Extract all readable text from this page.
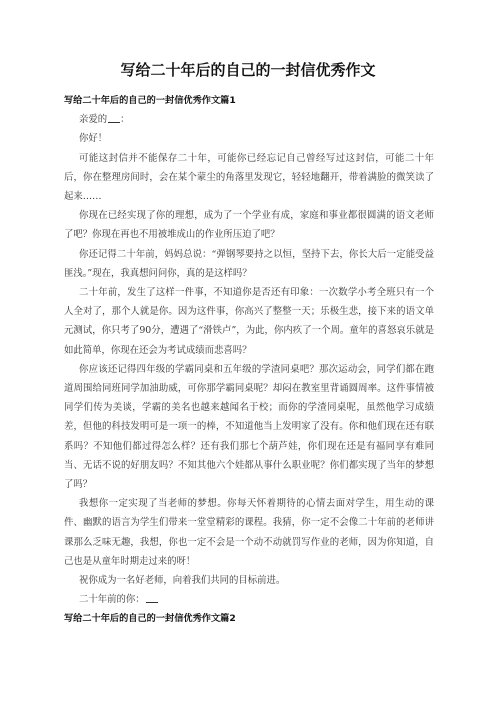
写给二十年后的自己的一封信优秀作文

写给二十年后的自己的一封信优秀作文篇1

亲爱的 ：

你好！

可能这封信并不能保存二十年，可能你已经忘记自己曾经写过这封信，可能二十年后，你在整理房间时，会在某个蒙尘的角落里发现它，轻轻地翻开，带着满脸的微笑读了起来……

你现在已经实现了你的理想，成为了一个学业有成，家庭和事业都很圆满的语文老师了吧？你现在再也不用被堆成山的作业所压迫了吧？

你还记得二十年前，妈妈总说：“弹钢琴要持之以恒，坚持下去，你长大后一定能受益匪浅。”现在，我真想问问你，真的是这样吗？

二十年前，发生了这样一件事，不知道你是否还有印象：一次数学小考全班只有一个人全对了，那个人就是你。因为这件事，你高兴了整整一天；乐极生悲，接下来的语文单元测试，你只考了90分，遭遇了“滑铁卢”，为此，你内疚了一个周。童年的喜怒哀乐就是如此简单，你现在还会为考试成绩而悲喜吗？

你应该还记得四年级的学霸同桌和五年级的学渣同桌吧？那次运动会，同学们都在跑道周围给同班同学加油助威，可你那学霸同桌呢？却闷在教室里背诵圆周率。这件事情被同学们传为美谈，学霸的美名也越来越闻名于校；而你的学渣同桌呢，虽然他学习成绩差，但他的科技发明可是一项一的棒，不知道他当上发明家了没有。你和他们现在还有联系吗？不知他们都过得怎么样？还有我们那七个葫芦娃，你们现在还是有福同享有难同当、无话不说的好朋友吗？不知其他六个娃都从事什么职业呢？你们都实现了当年的梦想了吗？

我想你一定实现了当老师的梦想。你每天怀着期待的心情去面对学生，用生动的课件、幽默的语言为学生们带来一堂堂精彩的课程。我猜，你一定不会像二十年前的老师讲课那么乏味无趣，我想，你也一定不会是一个动不动就罚写作业的老师，因为你知道，自己也是从童年时期走过来的呀！

祝你成为一名好老师，向着我们共同的目标前进。

二十年前的你：

写给二十年后的自己的一封信优秀作文篇2
